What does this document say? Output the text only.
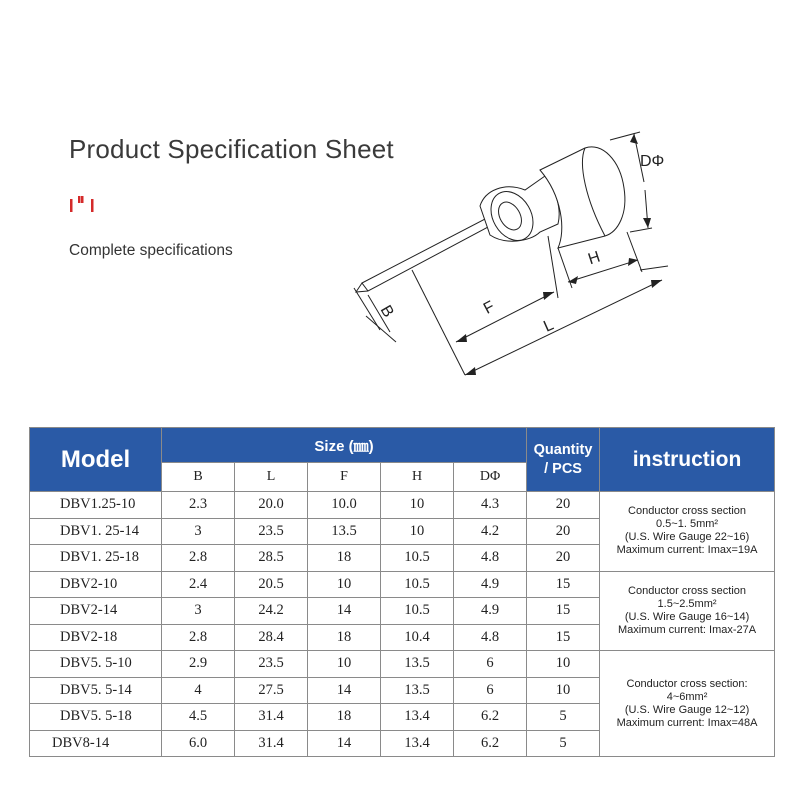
Product Specification Sheet
Complete specifications
DΦ
H
F
L
B
Model	Size (㎜)					Quantity
/ PCS	instruction
	B	L	F	H	DΦ		
DBV1.25-10	2.3	20.0	10.0	10	4.3	20	Conductor cross section
0.5~1. 5mm²
(U.S. Wire Gauge 22~16)
Maximum current: Imax=19A

DBV1. 25-14	3	23.5	13.5	10	4.2	20	
DBV1. 25-18	2.8	28.5	18	10.5	4.8	20	
DBV2-10	2.4	20.5	10	10.5	4.9	15	Conductor cross section
1.5~2.5mm²
(U.S. Wire Gauge 16~14)
Maximum current: Imax-27A

DBV2-14	3	24.2	14	10.5	4.9	15	
DBV2-18	2.8	28.4	18	10.4	4.8	15	
DBV5. 5-10	2.9	23.5	10	13.5	6	10	Conductor cross section:
4~6mm²
(U.S. Wire Gauge 12~12)
Maximum current: Imax=48A

DBV5. 5-14	4	27.5	14	13.5	6	10	
DBV5. 5-18	4.5	31.4	18	13.4	6.2	5	
DBV8-14	6.0	31.4	14	13.4	6.2	5	
